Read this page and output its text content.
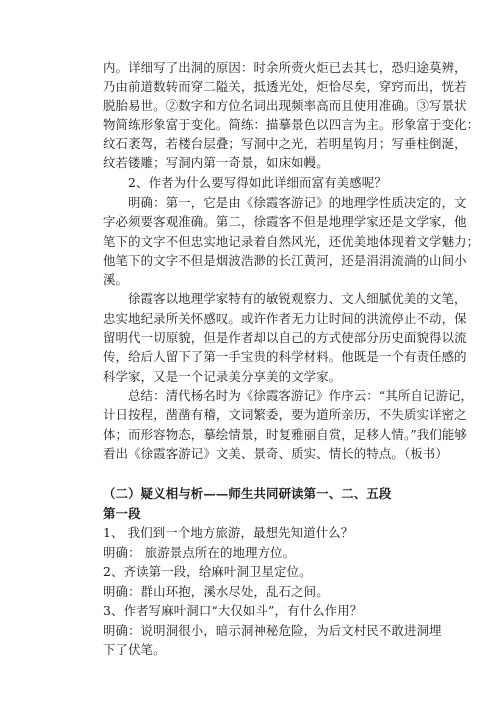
内。详细写了出洞的原因：时余所赍火炬已去其七，恐归途莫辨，
乃由前道数转而穿二隘关，抵透光处，炬恰尽矣，穿窍而出，恍若
脱胎易世。②数字和方位名词出现频率高而且使用准确。③写景状
物简练形象富于变化。简练：描摹景色以四言为主。形象富于变化：
纹石袤驾，若楼台层叠；写洞中之光，若明星钩月；写垂柱倒涎，
纹若镂雕；写洞内第一奇景，如床如幔。
2、作者为什么要写得如此详细而富有美感呢？
明确：第一，它是由《徐霞客游记》的地理学性质决定的，文
字必须要客观准确。第二，徐霞客不但是地理学家还是文学家，他
笔下的文字不但忠实地记录着自然风光，还优美地体现着文学魅力；
他笔下的文字不但是烟波浩渺的长江黄河，还是涓涓流淌的山间小
溪。
徐霞客以地理学家特有的敏锐观察力、文人细腻优美的文笔，
忠实地纪录所关怀感叹。或许作者无力让时间的洪流停止不动，保
留明代一切原貌，但是作者却以自己的方式使部分历史面貌得以流
传，给后人留下了第一手宝贵的科学材料。他既是一个有责任感的
科学家，又是一个记录美分享美的文学家。
总结：清代杨名时为《徐霞客游记》作序云：“其所自记游记，
计日按程，凿凿有稽，文词繁委，要为道所亲历，不失质实详密之
体；而形容物态，摹绘情景，时复雅丽自赏，足移人情。”我们能够
看出《徐霞客游记》文美、景奇、质实、情长的特点。（板书）
（二）疑义相与析——师生共同研读第一、二、五段
第一段
1、 我们到一个地方旅游，最想先知道什么？
明确： 旅游景点所在的地理方位。
2、齐读第一段，给麻叶洞卫星定位。
明确：群山环抱，溪水尽处，乱石之间。
3、作者写麻叶洞口“大仅如斗”，有什么作用？
明确：说明洞很小，暗示洞神秘危险，为后文村民不敢进洞埋
下了伏笔。
